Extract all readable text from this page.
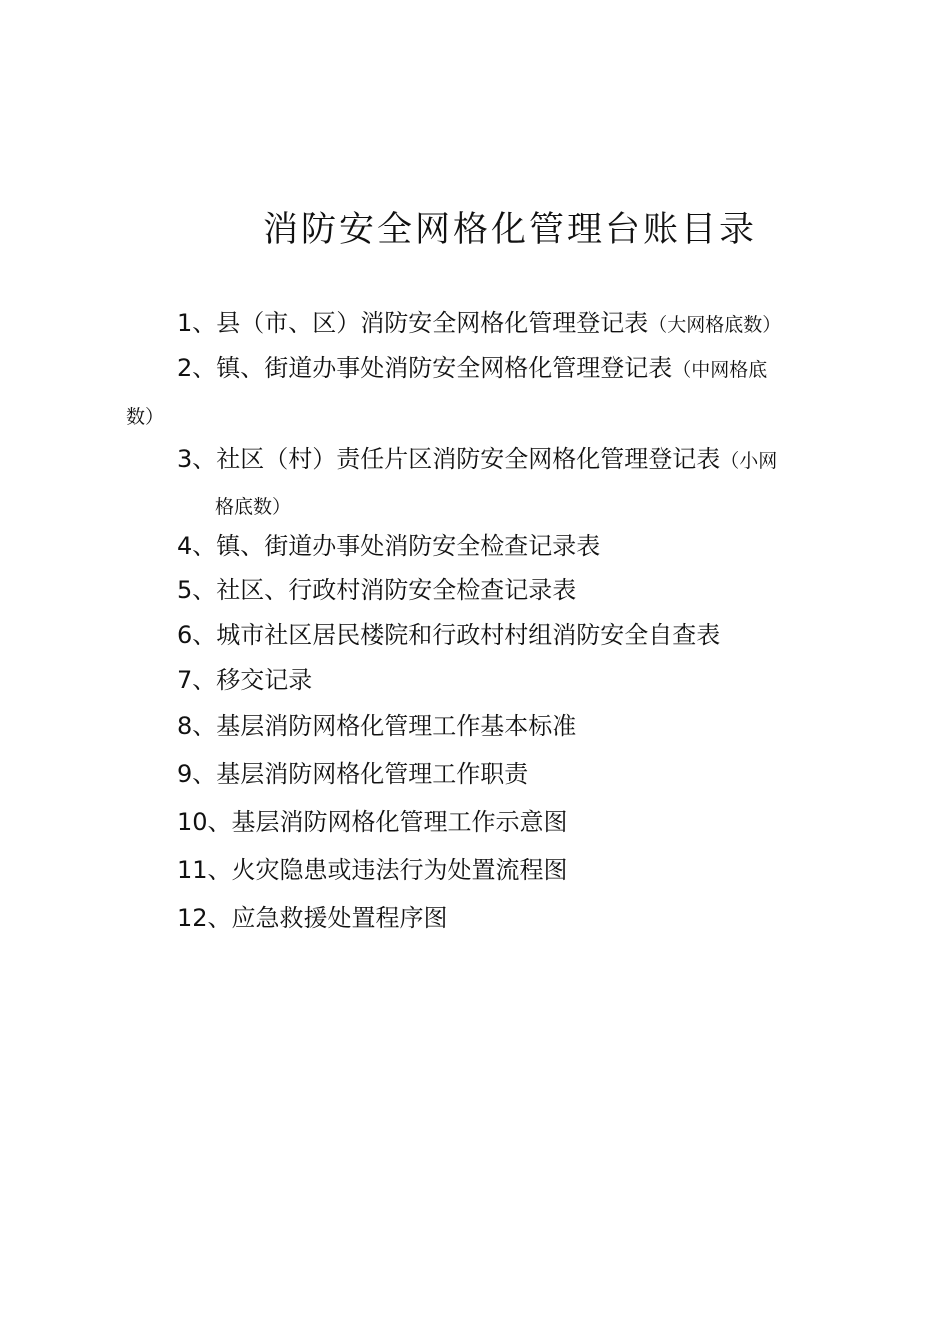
消防安全网格化管理台账目录
1、县（市、区）消防安全网格化管理登记表（大网格底数）
2、镇、街道办事处消防安全网格化管理登记表（中网格底
数）
3、社区（村）责任片区消防安全网格化管理登记表（小网
格底数）
4、镇、街道办事处消防安全检查记录表
5、社区、行政村消防安全检查记录表
6、城市社区居民楼院和行政村村组消防安全自查表
7、移交记录
8、基层消防网格化管理工作基本标准
9、基层消防网格化管理工作职责
10、基层消防网格化管理工作示意图
11、火灾隐患或违法行为处置流程图
12、应急救援处置程序图
